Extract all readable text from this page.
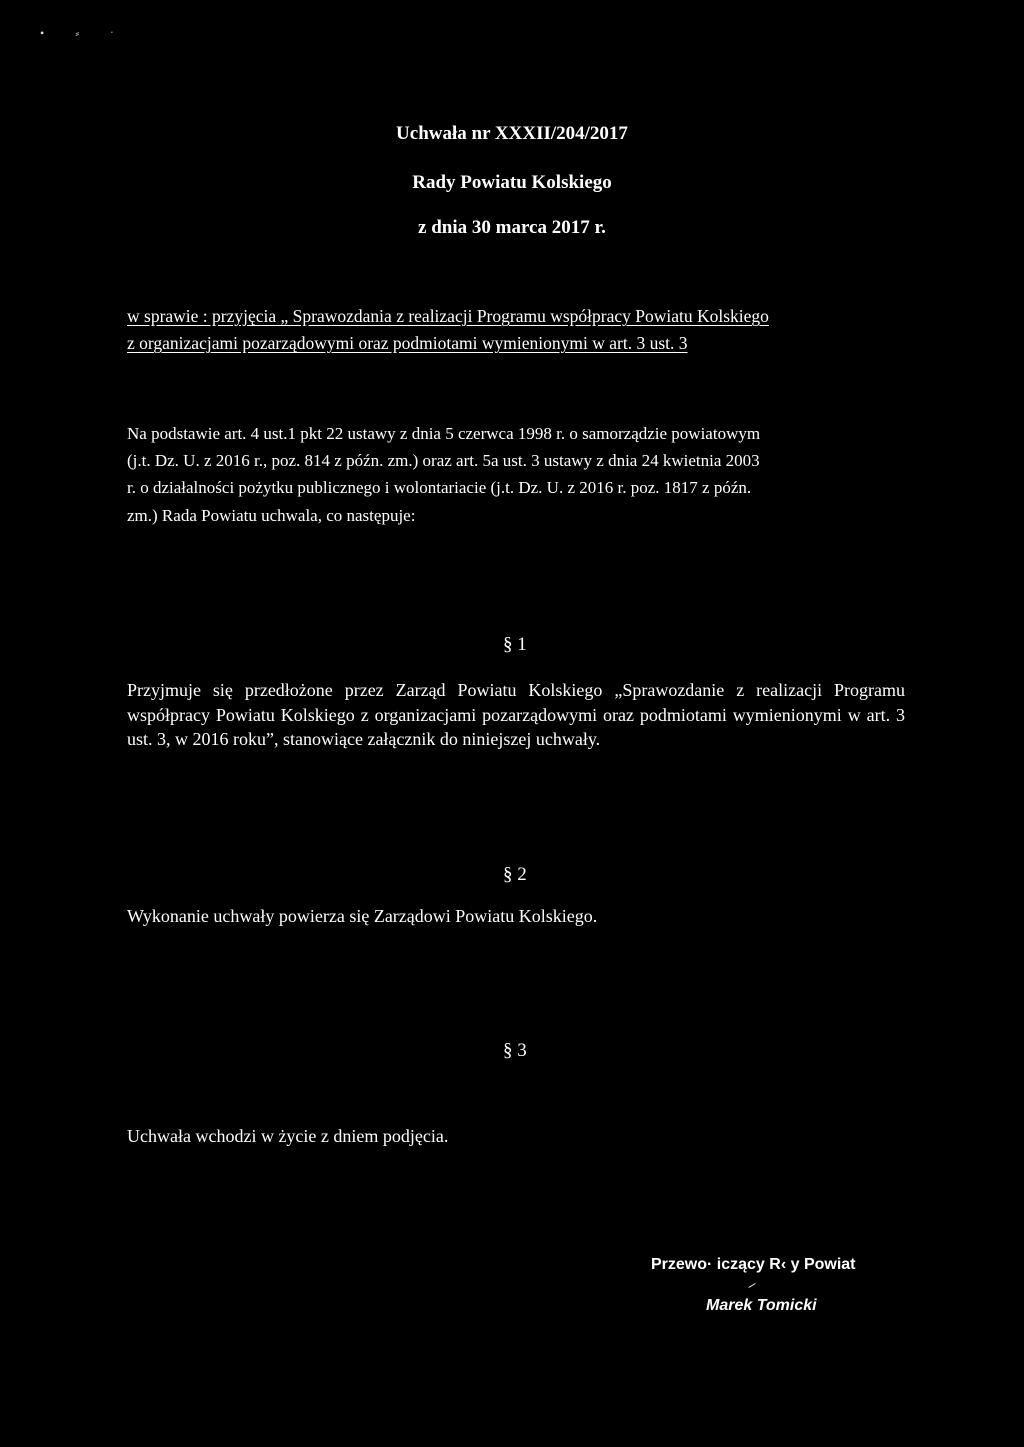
• ⸗ ˑ
Uchwała nr XXXII/204/2017
Rady Powiatu Kolskiego
z dnia 30 marca 2017 r.
w sprawie : przyjęcia „ Sprawozdania z realizacji Programu współpracy Powiatu Kolskiego
z organizacjami pozarządowymi oraz podmiotami wymienionymi w art. 3 ust. 3
Na podstawie art. 4 ust.1 pkt 22 ustawy z dnia 5 czerwca 1998 r. o samorządzie powiatowym
(j.t. Dz. U. z 2016 r., poz. 814 z późn. zm.) oraz art. 5a ust. 3 ustawy z dnia 24 kwietnia 2003
r. o działalności pożytku publicznego i wolontariacie (j.t. Dz. U. z 2016 r. poz. 1817 z późn.
zm.) Rada Powiatu uchwala, co następuje:
§ 1
Przyjmuje się przedłożone przez Zarząd Powiatu Kolskiego „Sprawozdanie z realizacji Programu współpracy Powiatu Kolskiego z organizacjami pozarządowymi oraz podmiotami wymienionymi w art. 3 ust. 3, w 2016 roku”, stanowiące załącznik do niniejszej uchwały.
§ 2
Wykonanie uchwały powierza się Zarządowi Powiatu Kolskiego.
§ 3
Uchwała wchodzi w życie z dniem podjęcia.
Przewo· iczący R‹ y Powiat
Marek Tomicki
